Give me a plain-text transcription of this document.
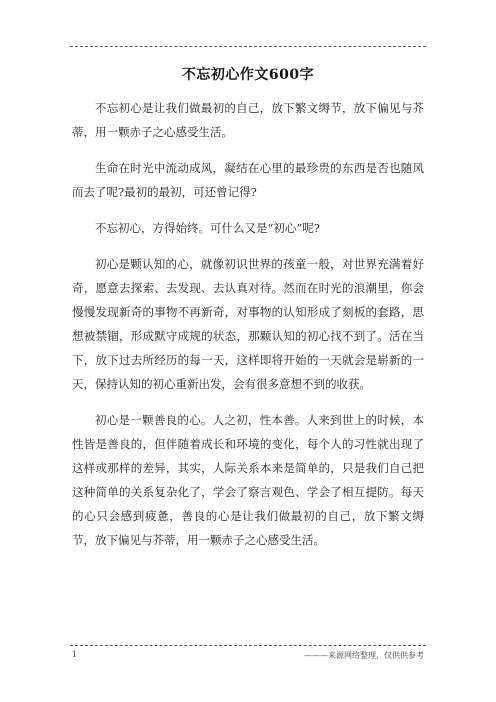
不忘初心作文600字

不忘初心是让我们做最初的自己，放下繁文缛节，放下偏见与芥蒂，用一颗赤子之心感受生活。

生命在时光中流动成风，凝结在心里的最珍贵的东西是否也随风而去了呢?最初的最初，可还曾记得?

不忘初心，方得始终。可什么又是“初心”呢?

初心是颗认知的心，就像初识世界的孩童一般，对世界充满着好奇，愿意去探索、去发现、去认真对待。然而在时光的浪潮里，你会慢慢发现新奇的事物不再新奇，对事物的认知形成了刻板的套路，思想被禁锢，形成默守成规的状态，那颗认知的初心找不到了。活在当下，放下过去所经历的每一天，这样即将开始的一天就会是崭新的一天，保持认知的初心重新出发，会有很多意想不到的收获。

初心是一颗善良的心。人之初，性本善。人来到世上的时候，本性皆是善良的，但伴随着成长和环境的变化，每个人的习性就出现了这样或那样的差异，其实，人际关系本来是简单的，只是我们自己把这种简单的关系复杂化了，学会了察言观色、学会了相互提防。每天的心只会感到疲惫，善良的心是让我们做最初的自己，放下繁文缛节，放下偏见与芥蒂，用一颗赤子之心感受生活。

1	———来源网络整理，仅供供参考
